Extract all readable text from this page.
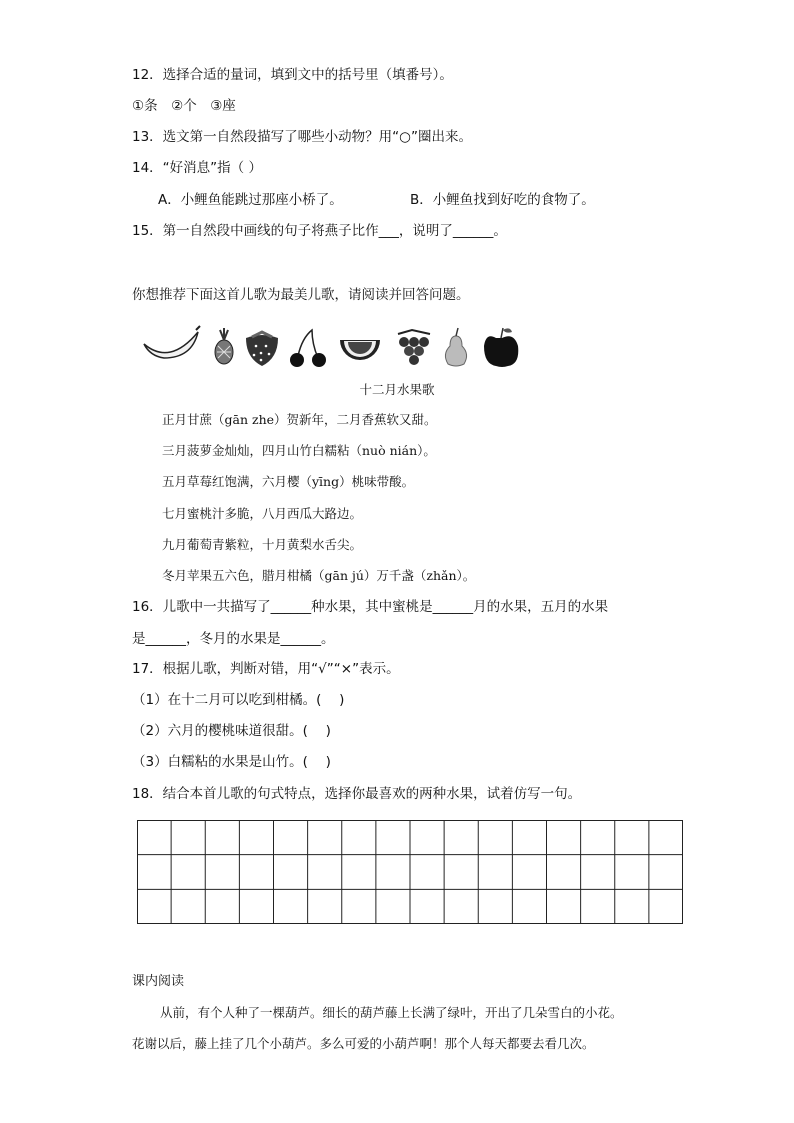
12．选择合适的量词，填到文中的括号里（填番号）。
①条　②个　③座
13．选文第一自然段描写了哪些小动物？用“○”圈出来。
14．“好消息”指（ ）
A．小鲤鱼能跳过那座小桥了。	B．小鲤鱼找到好吃的食物了。
15．第一自然段中画线的句子将燕子比作___，说明了______。
你想推荐下面这首儿歌为最美儿歌，请阅读并回答问题。
十二月水果歌
正月甘蔗（gān zhe）贺新年，二月香蕉软又甜。
三月菠萝金灿灿，四月山竹白糯粘（nuò nián）。
五月草莓红饱满，六月樱（yīng）桃味带酸。
七月蜜桃汁多脆，八月西瓜大路边。
九月葡萄青紫粒，十月黄梨水舌尖。
冬月苹果五六色，腊月柑橘（gān jú）万千盏（zhǎn）。
16．儿歌中一共描写了______种水果，其中蜜桃是______月的水果，五月的水果
是______，冬月的水果是______。
17．根据儿歌，判断对错，用“√”“×”表示。
（1）在十二月可以吃到柑橘。(　 )
（2）六月的樱桃味道很甜。(　 )
（3）白糯粘的水果是山竹。(　 )
18．结合本首儿歌的句式特点，选择你最喜欢的两种水果，试着仿写一句。
课内阅读
从前，有个人种了一棵葫芦。细长的葫芦藤上长满了绿叶，开出了几朵雪白的小花。
花谢以后，藤上挂了几个小葫芦。多么可爱的小葫芦啊！那个人每天都要去看几次。
